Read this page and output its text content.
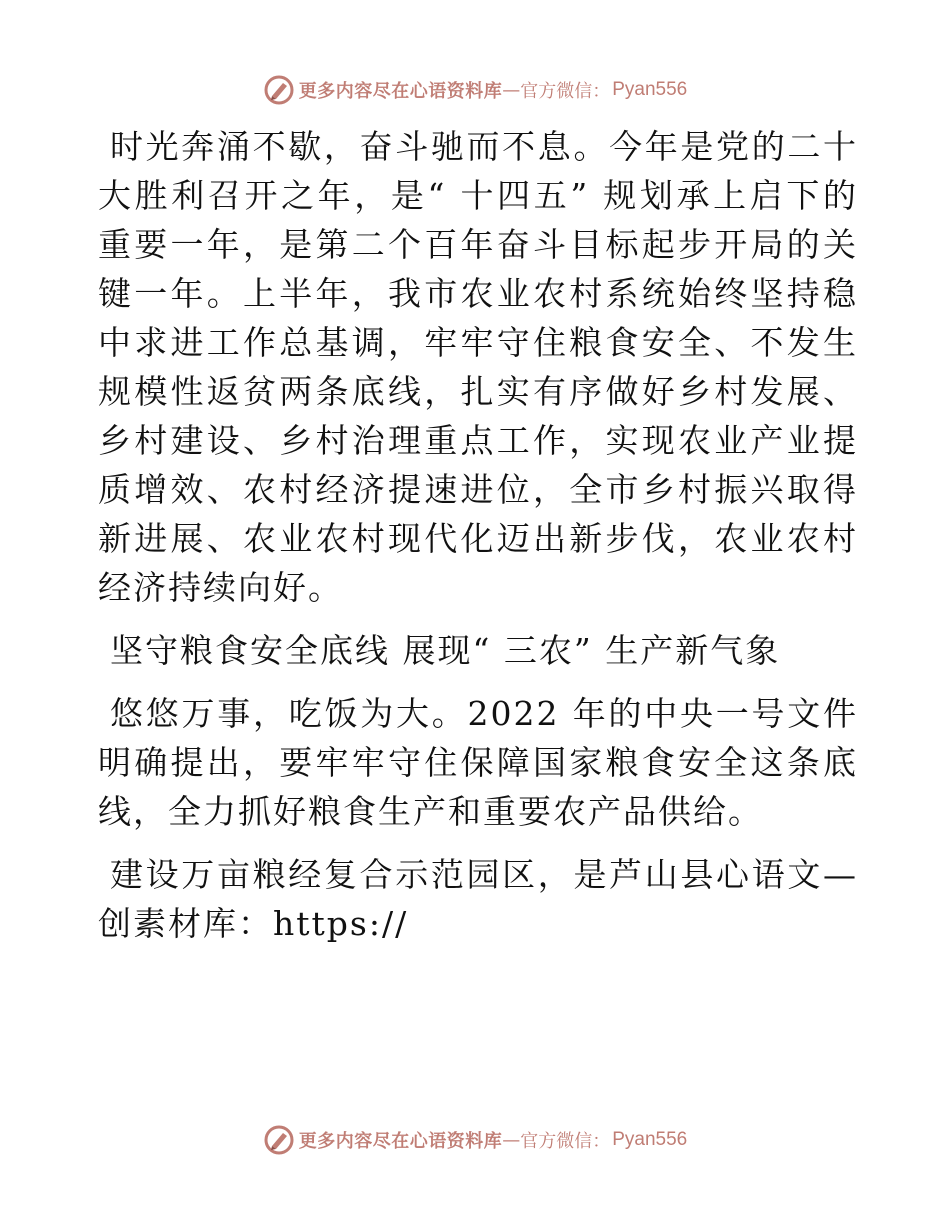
更多内容尽在心语资料库 — 官方微信： Pyan556

时光奔涌不歇，奋斗驰而不息。今年是党的二十大胜利召开之年，是“ 十四五” 规划承上启下的重要一年，是第二个百年奋斗目标起步开局的关键一年。上半年，我市农业农村系统始终坚持稳中求进工作总基调，牢牢守住粮食安全、不发生规模性返贫两条底线，扎实有序做好乡村发展、乡村建设、乡村治理重点工作，实现农业产业提质增效、农村经济提速进位，全市乡村振兴取得新进展、农业农村现代化迈出新步伐，农业农村经济持续向好。

坚守粮食安全底线 展现“ 三农” 生产新气象

悠悠万事，吃饭为大。2022 年的中央一号文件明确提出，要牢牢守住保障国家粮食安全这条底线，全力抓好粮食生产和重要农产品供给。

建设万亩粮经复合示范园区，是芦山县心语文—创素材库：https://

更多内容尽在心语资料库 — 官方微信： Pyan556
